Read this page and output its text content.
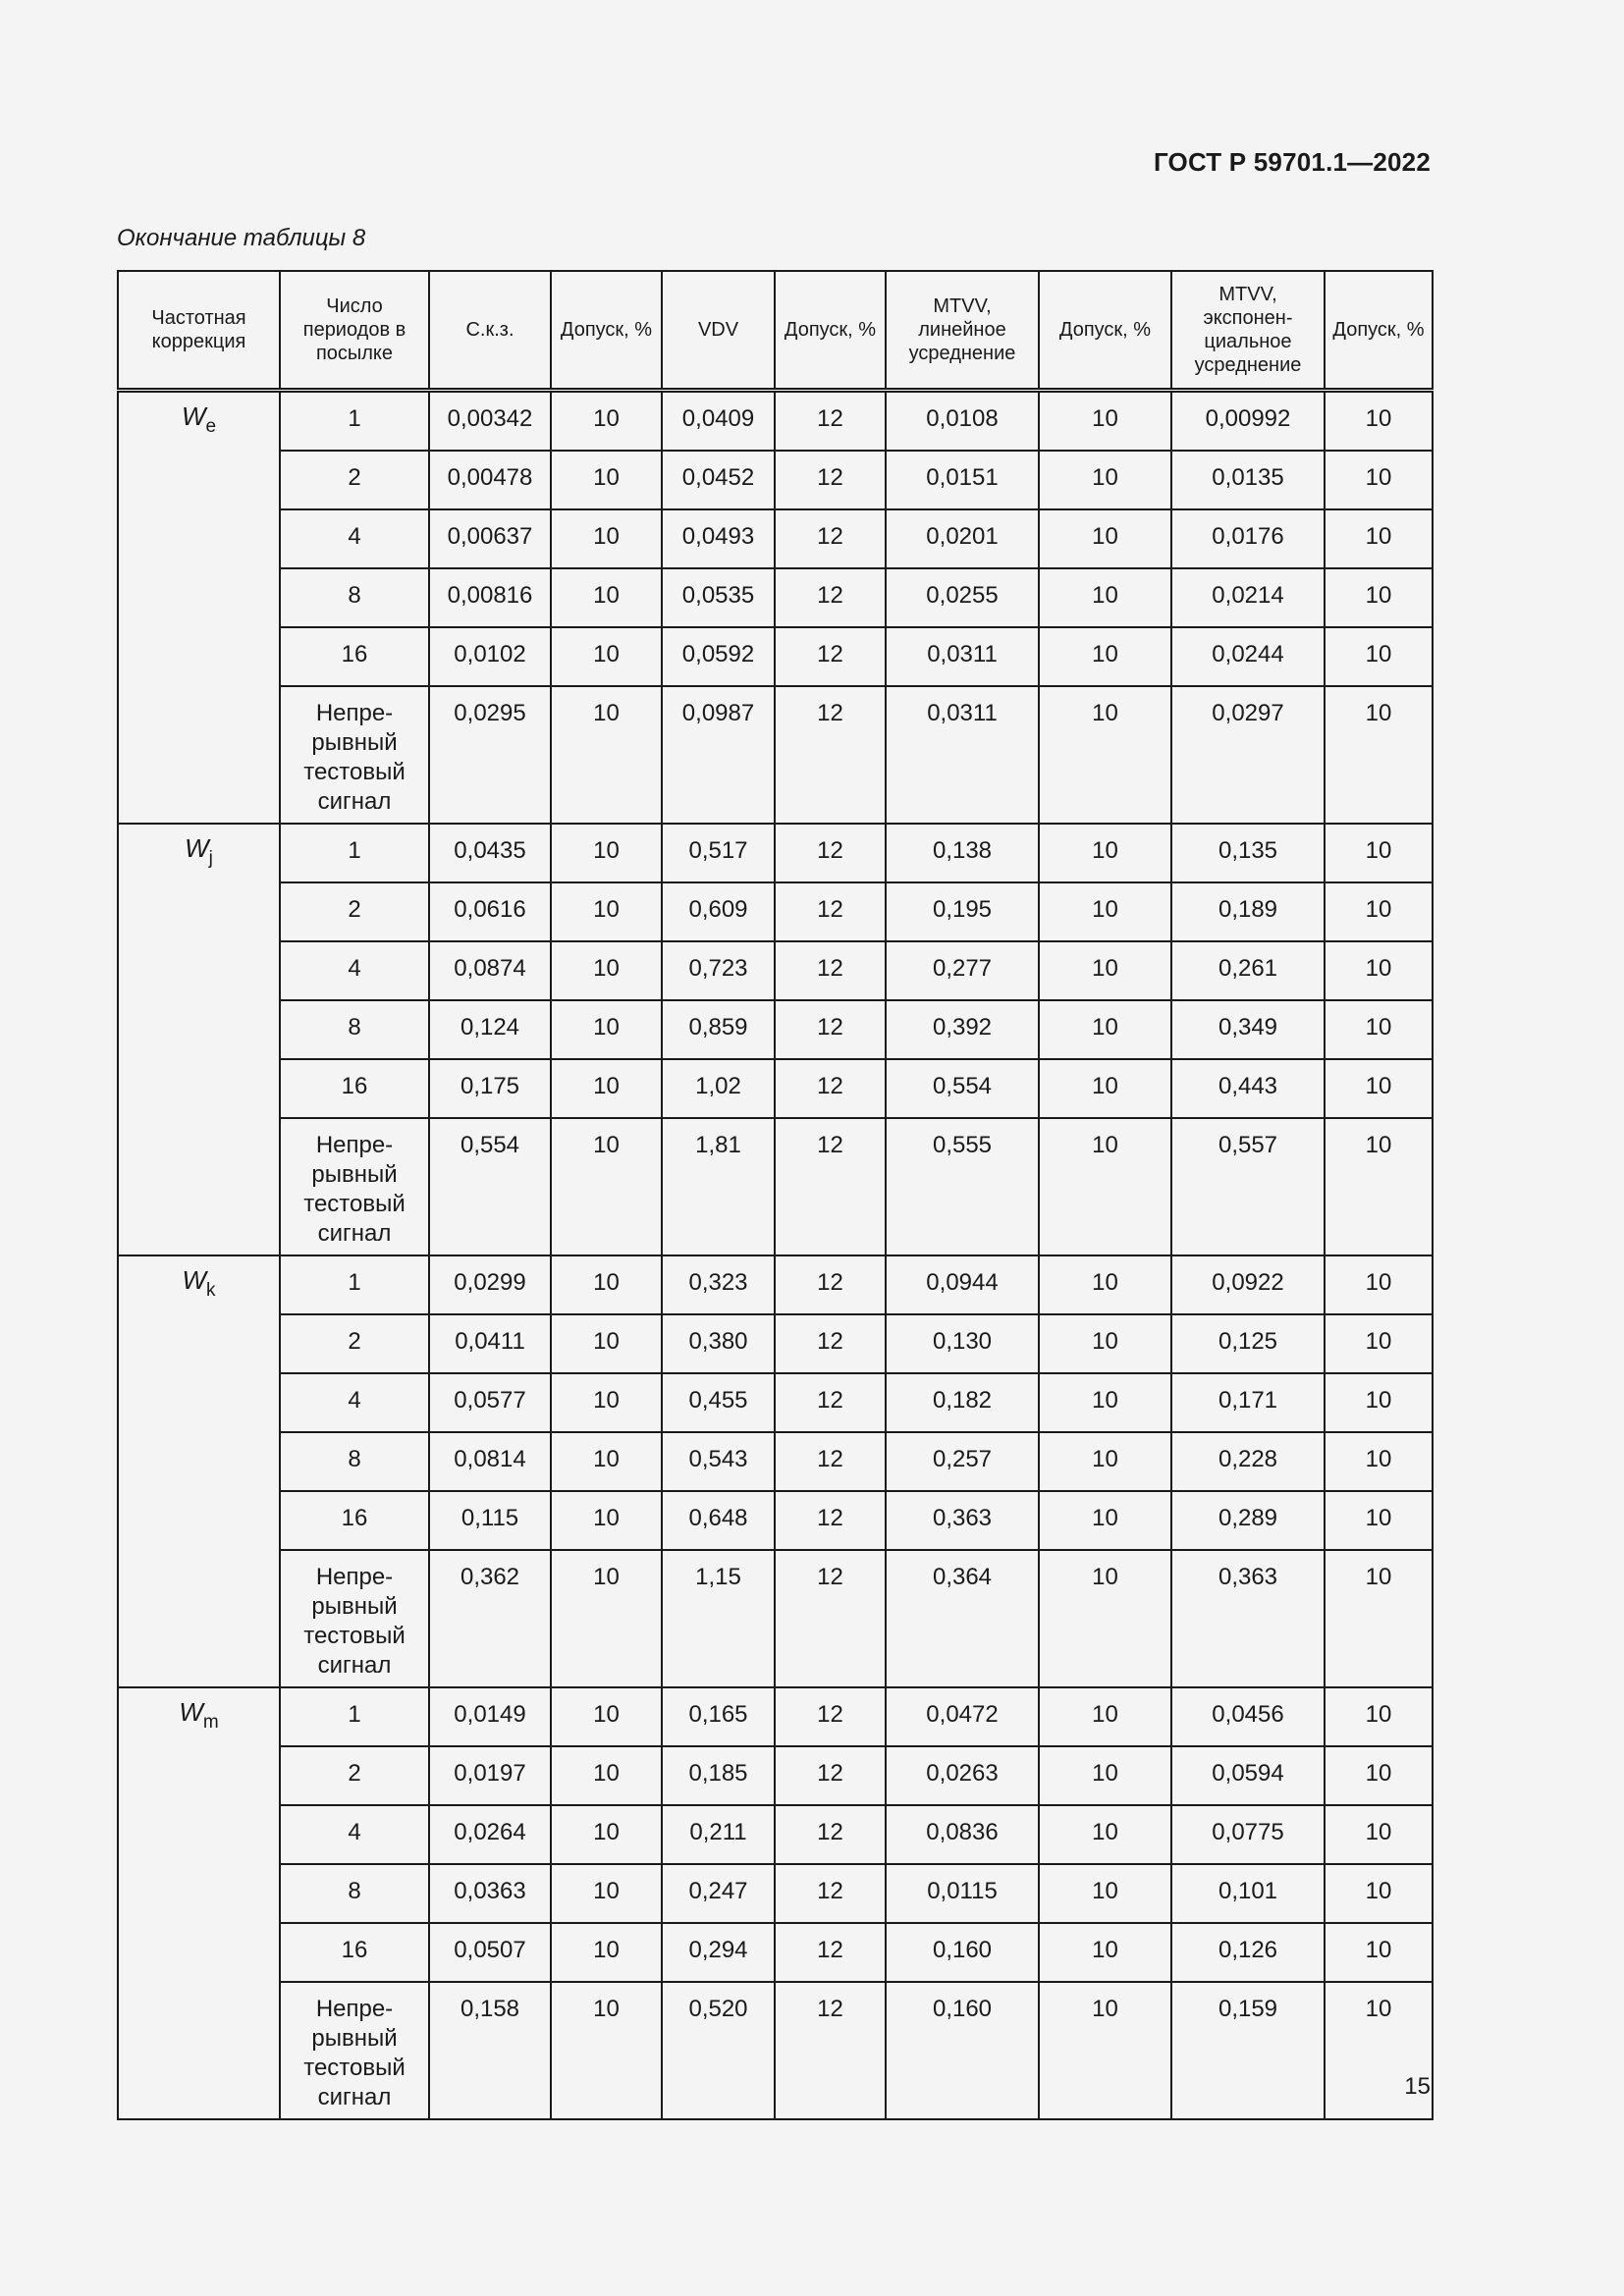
ГОСТ Р 59701.1—2022
Окончание таблицы 8
Частотная коррекция	Число периодов в посылке	С.к.з.	Допуск, %	VDV	Допуск, %	MTVV, линейное усреднение	Допуск, %	MTVV, экспонен- циальное усреднение	Допуск, %
$W_e$	1	0,00342	10	0,0409	12	0,0108	10	0,00992	10
	2	0,00478	10	0,0452	12	0,0151	10	0,0135	10
	4	0,00637	10	0,0493	12	0,0201	10	0,0176	10
	8	0,00816	10	0,0535	12	0,0255	10	0,0214	10
	16	0,0102	10	0,0592	12	0,0311	10	0,0244	10
	Непре- рывный тестовый сигнал	0,0295	10	0,0987	12	0,0311	10	0,0297	10
$W_j$	1	0,0435	10	0,517	12	0,138	10	0,135	10
	2	0,0616	10	0,609	12	0,195	10	0,189	10
	4	0,0874	10	0,723	12	0,277	10	0,261	10
	8	0,124	10	0,859	12	0,392	10	0,349	10
	16	0,175	10	1,02	12	0,554	10	0,443	10
	Непре- рывный тестовый сигнал	0,554	10	1,81	12	0,555	10	0,557	10
$W_k$	1	0,0299	10	0,323	12	0,0944	10	0,0922	10
	2	0,0411	10	0,380	12	0,130	10	0,125	10
	4	0,0577	10	0,455	12	0,182	10	0,171	10
	8	0,0814	10	0,543	12	0,257	10	0,228	10
	16	0,115	10	0,648	12	0,363	10	0,289	10
	Непре- рывный тестовый сигнал	0,362	10	1,15	12	0,364	10	0,363	10
$W_m$	1	0,0149	10	0,165	12	0,0472	10	0,0456	10
	2	0,0197	10	0,185	12	0,0263	10	0,0594	10
	4	0,0264	10	0,211	12	0,0836	10	0,0775	10
	8	0,0363	10	0,247	12	0,0115	10	0,101	10
	16	0,0507	10	0,294	12	0,160	10	0,126	10
	Непре- рывный тестовый сигнал	0,158	10	0,520	12	0,160	10	0,159	10
15
